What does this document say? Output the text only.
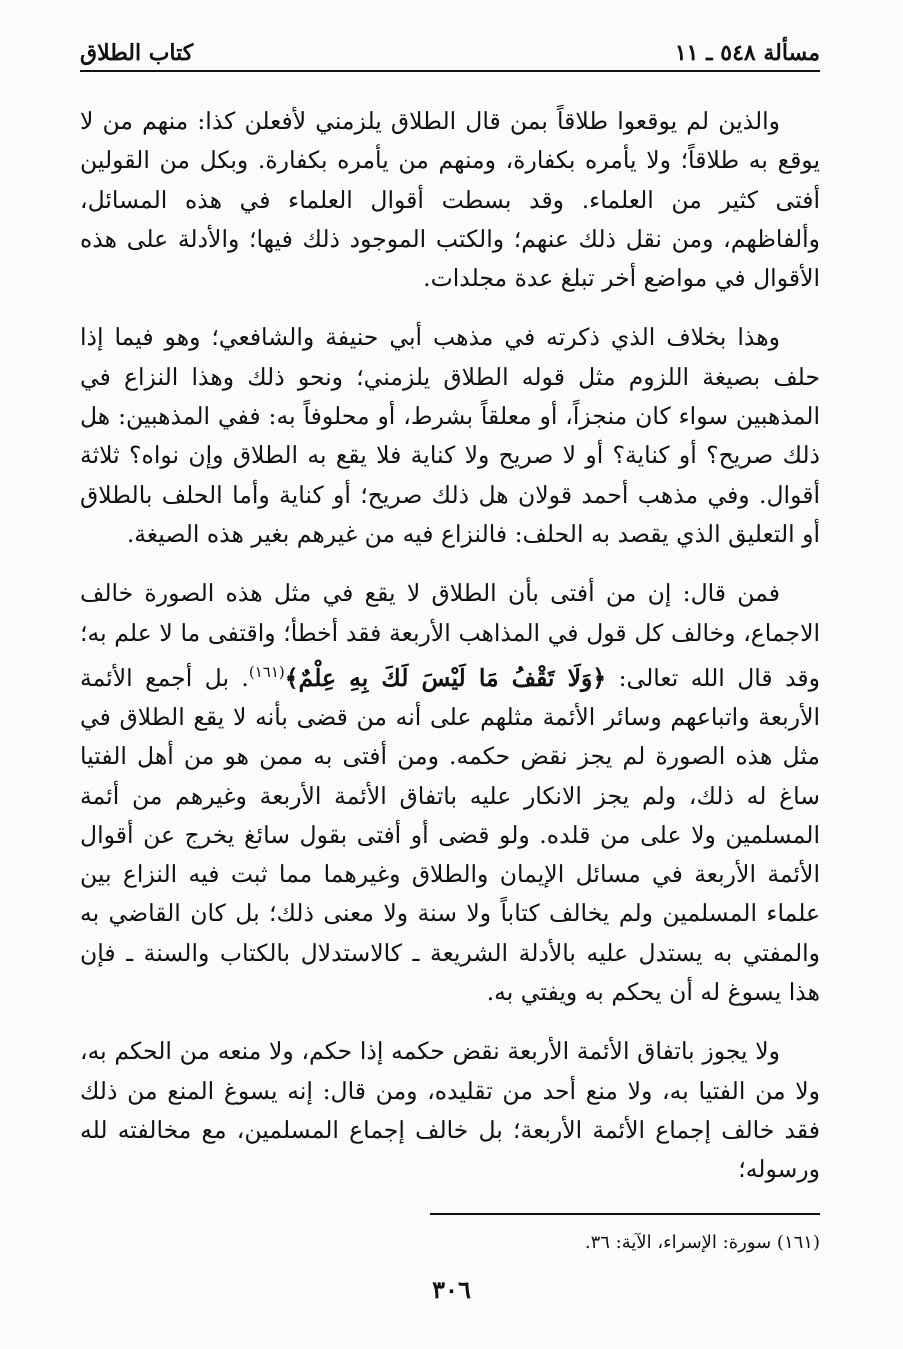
مسألة ٥٤٨ ـ ١١
كتاب الطلاق

والذين لم يوقعوا طلاقاً بمن قال الطلاق يلزمني لأفعلن كذا: منهم من لا يوقع به طلاقاً؛ ولا يأمره بكفارة، ومنهم من يأمره بكفارة. وبكل من القولين أفتى كثير من العلماء. وقد بسطت أقوال العلماء في هذه المسائل، وألفاظهم، ومن نقل ذلك عنهم؛ والكتب الموجود ذلك فيها؛ والأدلة على هذه الأقوال في مواضع أخر تبلغ عدة مجلدات.

وهذا بخلاف الذي ذكرته في مذهب أبي حنيفة والشافعي؛ وهو فيما إذا حلف بصيغة اللزوم مثل قوله الطلاق يلزمني؛ ونحو ذلك وهذا النزاع في المذهبين سواء كان منجزاً، أو معلقاً بشرط، أو محلوفاً به: ففي المذهبين: هل ذلك صريح؟ أو كناية؟ أو لا صريح ولا كناية فلا يقع به الطلاق وإن نواه؟ ثلاثة أقوال. وفي مذهب أحمد قولان هل ذلك صريح؛ أو كناية وأما الحلف بالطلاق أو التعليق الذي يقصد به الحلف: فالنزاع فيه من غيرهم بغير هذه الصيغة.

فمن قال: إن من أفتى بأن الطلاق لا يقع في مثل هذه الصورة خالف الاجماع، وخالف كل قول في المذاهب الأربعة فقد أخطأ؛ واقتفى ما لا علم به؛ وقد قال الله تعالى: ﴿وَلَا تَقْفُ مَا لَيْسَ لَكَ بِهِ عِلْمٌ﴾$^{(١٦١)}$. بل أجمع الأئمة الأربعة واتباعهم وسائر الأئمة مثلهم على أنه من قضى بأنه لا يقع الطلاق في مثل هذه الصورة لم يجز نقض حكمه. ومن أفتى به ممن هو من أهل الفتيا ساغ له ذلك، ولم يجز الانكار عليه باتفاق الأئمة الأربعة وغيرهم من أئمة المسلمين ولا على من قلده. ولو قضى أو أفتى بقول سائغ يخرج عن أقوال الأئمة الأربعة في مسائل الإيمان والطلاق وغيرهما مما ثبت فيه النزاع بين علماء المسلمين ولم يخالف كتاباً ولا سنة ولا معنى ذلك؛ بل كان القاضي به والمفتي به يستدل عليه بالأدلة الشريعة ـ كالاستدلال بالكتاب والسنة ـ فإن هذا يسوغ له أن يحكم به ويفتي به.

ولا يجوز باتفاق الأئمة الأربعة نقض حكمه إذا حكم، ولا منعه من الحكم به، ولا من الفتيا به، ولا منع أحد من تقليده، ومن قال: إنه يسوغ المنع من ذلك فقد خالف إجماع الأئمة الأربعة؛ بل خالف إجماع المسلمين، مع مخالفته لله ورسوله؛

(١٦١) سورة: الإسراء، الآية: ٣٦.
٣٠٦
